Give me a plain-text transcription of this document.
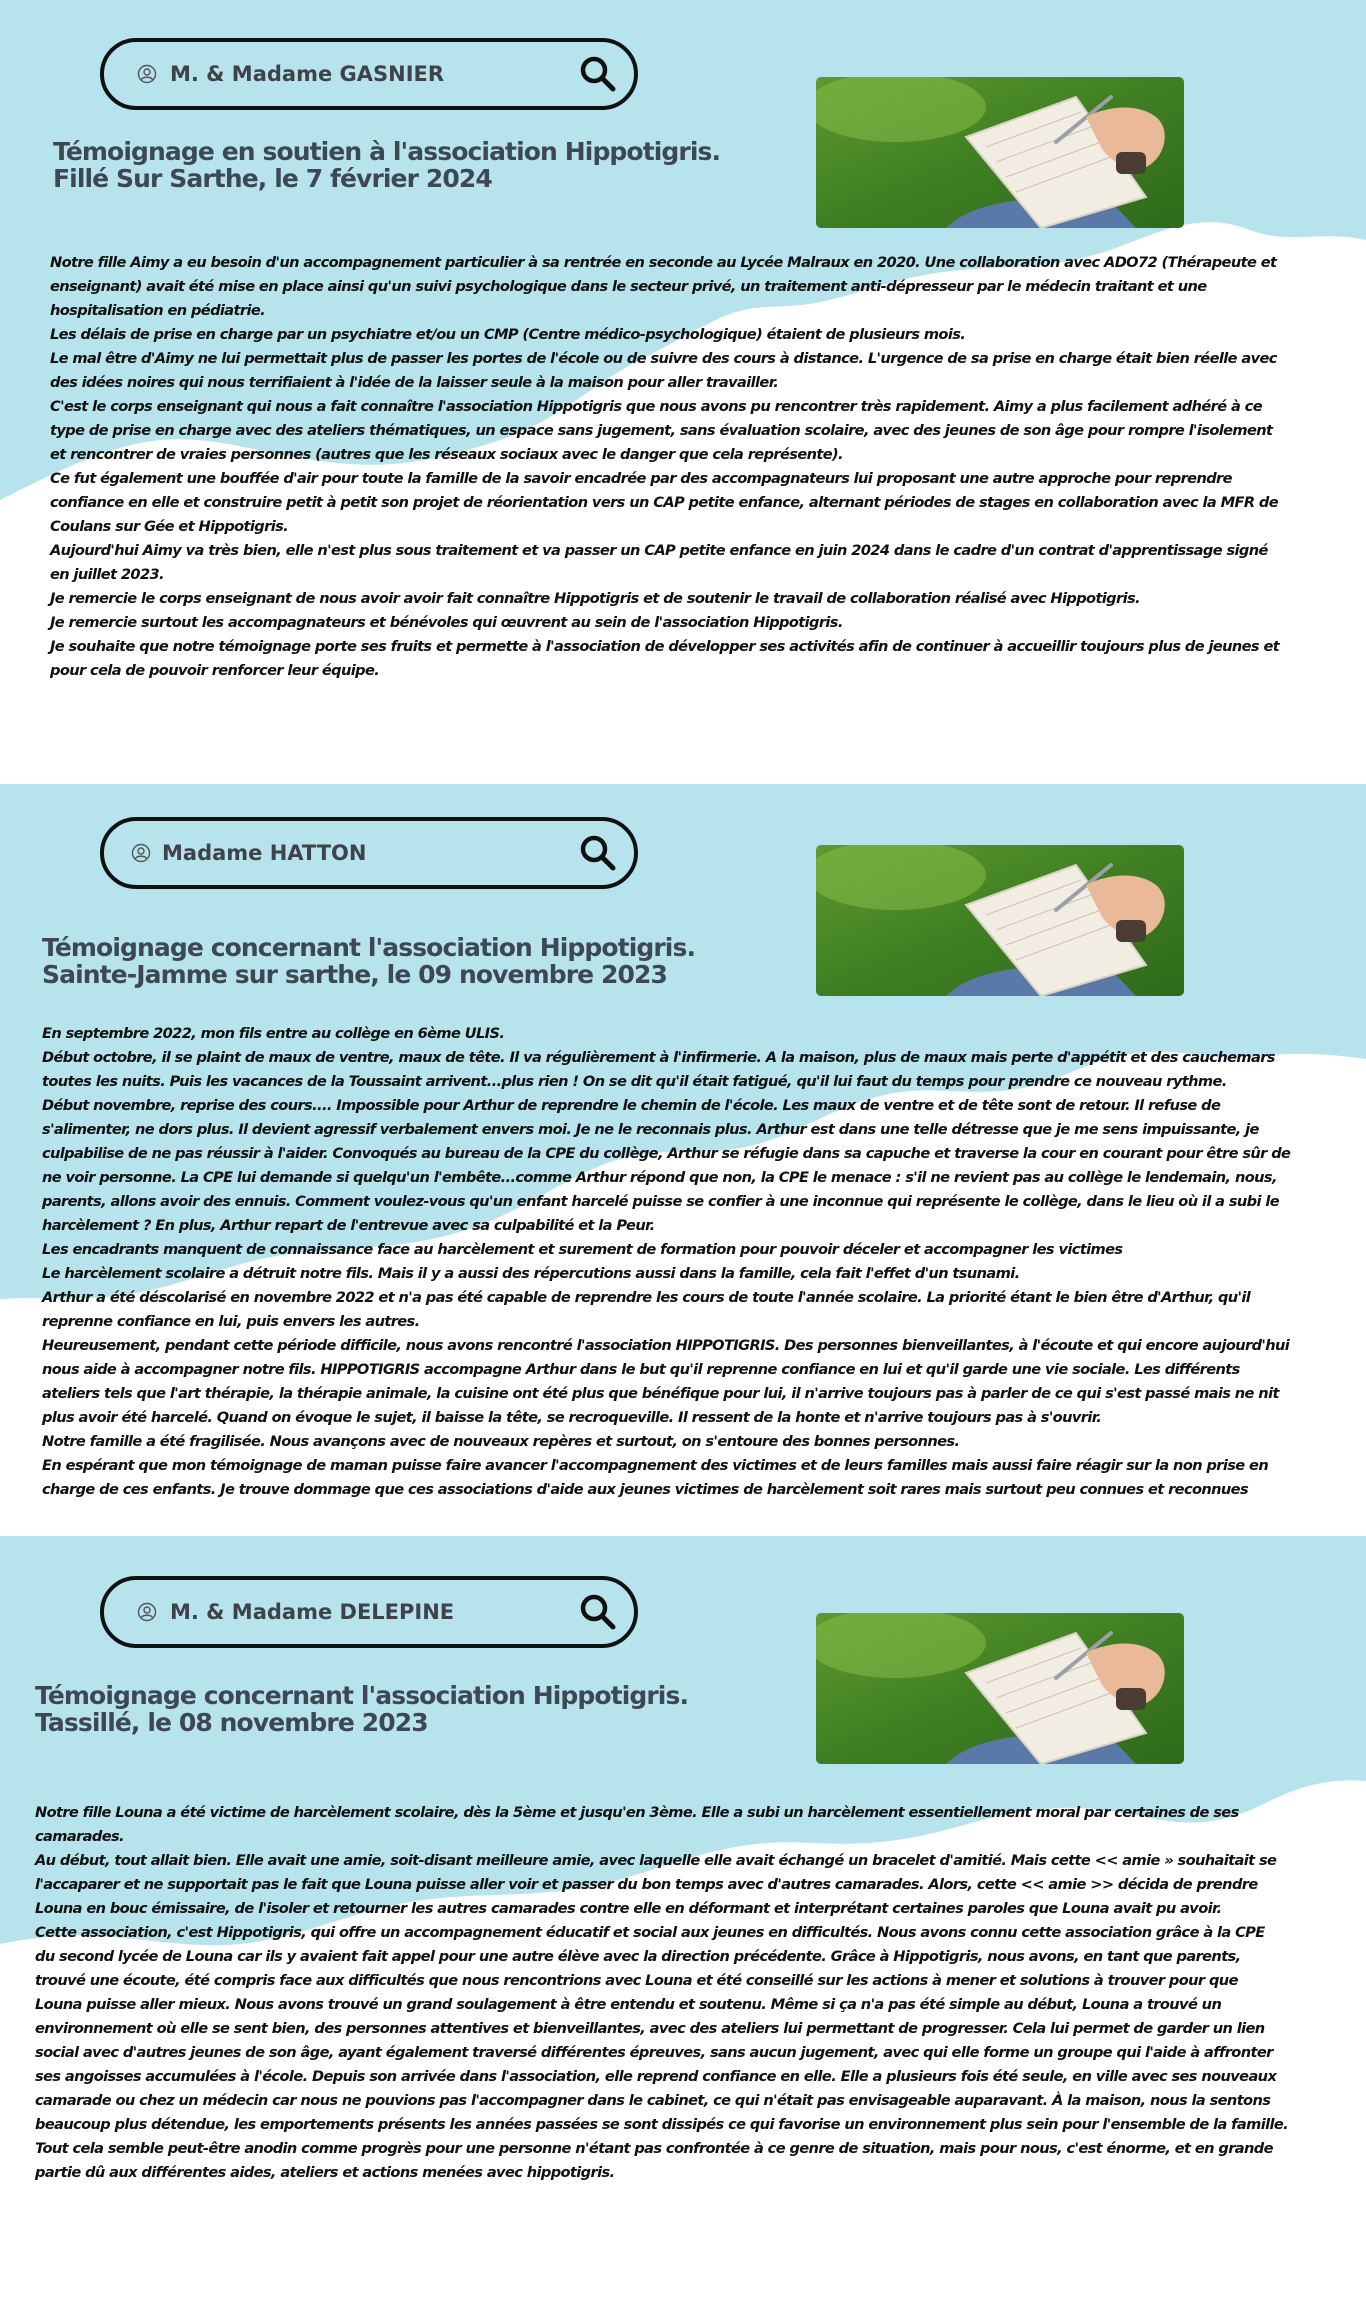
M. & Madame GASNIER
Témoignage en soutien à l'association Hippotigris.
Fillé Sur Sarthe, le 7 février 2024

Notre fille Aimy a eu besoin d'un accompagnement particulier à sa rentrée en seconde au Lycée Malraux en 2020. Une collaboration avec ADO72 (Thérapeute et

enseignant) avait été mise en place ainsi qu'un suivi psychologique dans le secteur privé, un traitement anti-dépresseur par le médecin traitant et une

hospitalisation en pédiatrie.

Les délais de prise en charge par un psychiatre et/ou un CMP (Centre médico-psychologique) étaient de plusieurs mois.

Le mal être d'Aimy ne lui permettait plus de passer les portes de l'école ou de suivre des cours à distance. L'urgence de sa prise en charge était bien réelle avec

des idées noires qui nous terrifiaient à l'idée de la laisser seule à la maison pour aller travailler.

C'est le corps enseignant qui nous a fait connaître l'association Hippotigris que nous avons pu rencontrer très rapidement. Aimy a plus facilement adhéré à ce

type de prise en charge avec des ateliers thématiques, un espace sans jugement, sans évaluation scolaire, avec des jeunes de son âge pour rompre l'isolement

et rencontrer de vraies personnes (autres que les réseaux sociaux avec le danger que cela représente).

Ce fut également une bouffée d'air pour toute la famille de la savoir encadrée par des accompagnateurs lui proposant une autre approche pour reprendre

confiance en elle et construire petit à petit son projet de réorientation vers un CAP petite enfance, alternant périodes de stages en collaboration avec la MFR de

Coulans sur Gée et Hippotigris.

Aujourd'hui Aimy va très bien, elle n'est plus sous traitement et va passer un CAP petite enfance en juin 2024 dans le cadre d'un contrat d'apprentissage signé

en juillet 2023.

Je remercie le corps enseignant de nous avoir avoir fait connaître Hippotigris et de soutenir le travail de collaboration réalisé avec Hippotigris.

Je remercie surtout les accompagnateurs et bénévoles qui œuvrent au sein de l'association Hippotigris.

Je souhaite que notre témoignage porte ses fruits et permette à l'association de développer ses activités afin de continuer à accueillir toujours plus de jeunes et

pour cela de pouvoir renforcer leur équipe.

Madame HATTON
Témoignage concernant l'association Hippotigris.
Sainte-Jamme sur sarthe, le 09 novembre 2023

En septembre 2022, mon fils entre au collège en 6ème ULIS.

Début octobre, il se plaint de maux de ventre, maux de tête. Il va régulièrement à l'infirmerie. A la maison, plus de maux mais perte d'appétit et des cauchemars

toutes les nuits. Puis les vacances de la Toussaint arrivent...plus rien ! On se dit qu'il était fatigué, qu'il lui faut du temps pour prendre ce nouveau rythme.

Début novembre, reprise des cours.... Impossible pour Arthur de reprendre le chemin de l'école. Les maux de ventre et de tête sont de retour. Il refuse de

s'alimenter, ne dors plus. Il devient agressif verbalement envers moi. Je ne le reconnais plus. Arthur est dans une telle détresse que je me sens impuissante, je

culpabilise de ne pas réussir à l'aider. Convoqués au bureau de la CPE du collège, Arthur se réfugie dans sa capuche et traverse la cour en courant pour être sûr de

ne voir personne. La CPE lui demande si quelqu'un l'embête...comme Arthur répond que non, la CPE le menace : s'il ne revient pas au collège le lendemain, nous,

parents, allons avoir des ennuis. Comment voulez-vous qu'un enfant harcelé puisse se confier à une inconnue qui représente le collège, dans le lieu où il a subi le

harcèlement ? En plus, Arthur repart de l'entrevue avec sa culpabilité et la Peur.

Les encadrants manquent de connaissance face au harcèlement et surement de formation pour pouvoir déceler et accompagner les victimes

Le harcèlement scolaire a détruit notre fils. Mais il y a aussi des répercutions aussi dans la famille, cela fait l'effet d'un tsunami.

Arthur a été déscolarisé en novembre 2022 et n'a pas été capable de reprendre les cours de toute l'année scolaire. La priorité étant le bien être d'Arthur, qu'il

reprenne confiance en lui, puis envers les autres.

Heureusement, pendant cette période difficile, nous avons rencontré l'association HIPPOTIGRIS. Des personnes bienveillantes, à l'écoute et qui encore aujourd'hui

nous aide à accompagner notre fils. HIPPOTIGRIS accompagne Arthur dans le but qu'il reprenne confiance en lui et qu'il garde une vie sociale. Les différents

ateliers tels que l'art thérapie, la thérapie animale, la cuisine ont été plus que bénéfique pour lui, il n'arrive toujours pas à parler de ce qui s'est passé mais ne nit

plus avoir été harcelé. Quand on évoque le sujet, il baisse la tête, se recroqueville. Il ressent de la honte et n'arrive toujours pas à s'ouvrir.

Notre famille a été fragilisée. Nous avançons avec de nouveaux repères et surtout, on s'entoure des bonnes personnes.

En espérant que mon témoignage de maman puisse faire avancer l'accompagnement des victimes et de leurs familles mais aussi faire réagir sur la non prise en

charge de ces enfants. Je trouve dommage que ces associations d'aide aux jeunes victimes de harcèlement soit rares mais surtout peu connues et reconnues

M. & Madame DELEPINE
Témoignage concernant l'association Hippotigris.
Tassillé, le 08 novembre 2023

Notre fille Louna a été victime de harcèlement scolaire, dès la 5ème et jusqu'en 3ème. Elle a subi un harcèlement essentiellement moral par certaines de ses

camarades.

Au début, tout allait bien. Elle avait une amie, soit-disant meilleure amie, avec laquelle elle avait échangé un bracelet d'amitié. Mais cette << amie » souhaitait se

l'accaparer et ne supportait pas le fait que Louna puisse aller voir et passer du bon temps avec d'autres camarades. Alors, cette << amie >> décida de prendre

Louna en bouc émissaire, de l'isoler et retourner les autres camarades contre elle en déformant et interprétant certaines paroles que Louna avait pu avoir.

Cette association, c'est Hippotigris, qui offre un accompagnement éducatif et social aux jeunes en difficultés. Nous avons connu cette association grâce à la CPE

du second lycée de Louna car ils y avaient fait appel pour une autre élève avec la direction précédente. Grâce à Hippotigris, nous avons, en tant que parents,

trouvé une écoute, été compris face aux difficultés que nous rencontrions avec Louna et été conseillé sur les actions à mener et solutions à trouver pour que

Louna puisse aller mieux. Nous avons trouvé un grand soulagement à être entendu et soutenu. Même si ça n'a pas été simple au début, Louna a trouvé un

environnement où elle se sent bien, des personnes attentives et bienveillantes, avec des ateliers lui permettant de progresser. Cela lui permet de garder un lien

social avec d'autres jeunes de son âge, ayant également traversé différentes épreuves, sans aucun jugement, avec qui elle forme un groupe qui l'aide à affronter

ses angoisses accumulées à l'école. Depuis son arrivée dans l'association, elle reprend confiance en elle. Elle a plusieurs fois été seule, en ville avec ses nouveaux

camarade ou chez un médecin car nous ne pouvions pas l'accompagner dans le cabinet, ce qui n'était pas envisageable auparavant. À la maison, nous la sentons

beaucoup plus détendue, les emportements présents les années passées se sont dissipés ce qui favorise un environnement plus sein pour l'ensemble de la famille.

Tout cela semble peut-être anodin comme progrès pour une personne n'étant pas confrontée à ce genre de situation, mais pour nous, c'est énorme, et en grande

partie dû aux différentes aides, ateliers et actions menées avec hippotigris.
